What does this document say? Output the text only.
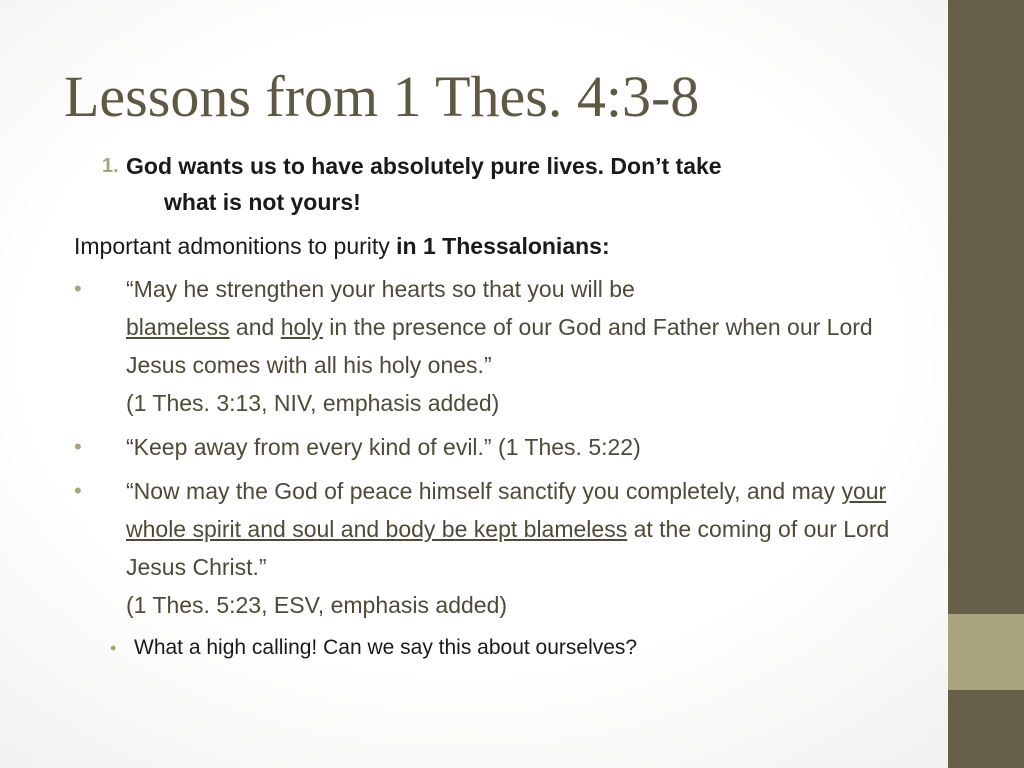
Lessons from 1 Thes. 4:3-8
1. God wants us to have absolutely pure lives. Don’t take
what is not yours!
Important admonitions to purity in 1 Thessalonians:
• “May he strengthen your hearts so that you will be
blameless and holy in the presence of our God and Father when our Lord Jesus comes with all his holy ones.”
(1 Thes. 3:13, NIV, emphasis added)
• “Keep away from every kind of evil.” (1 Thes. 5:22)
• “Now may the God of peace himself sanctify you completely, and may your whole spirit and soul and body be kept blameless at the coming of our Lord Jesus Christ.”
(1 Thes. 5:23, ESV, emphasis added)
• What a high calling! Can we say this about ourselves?
